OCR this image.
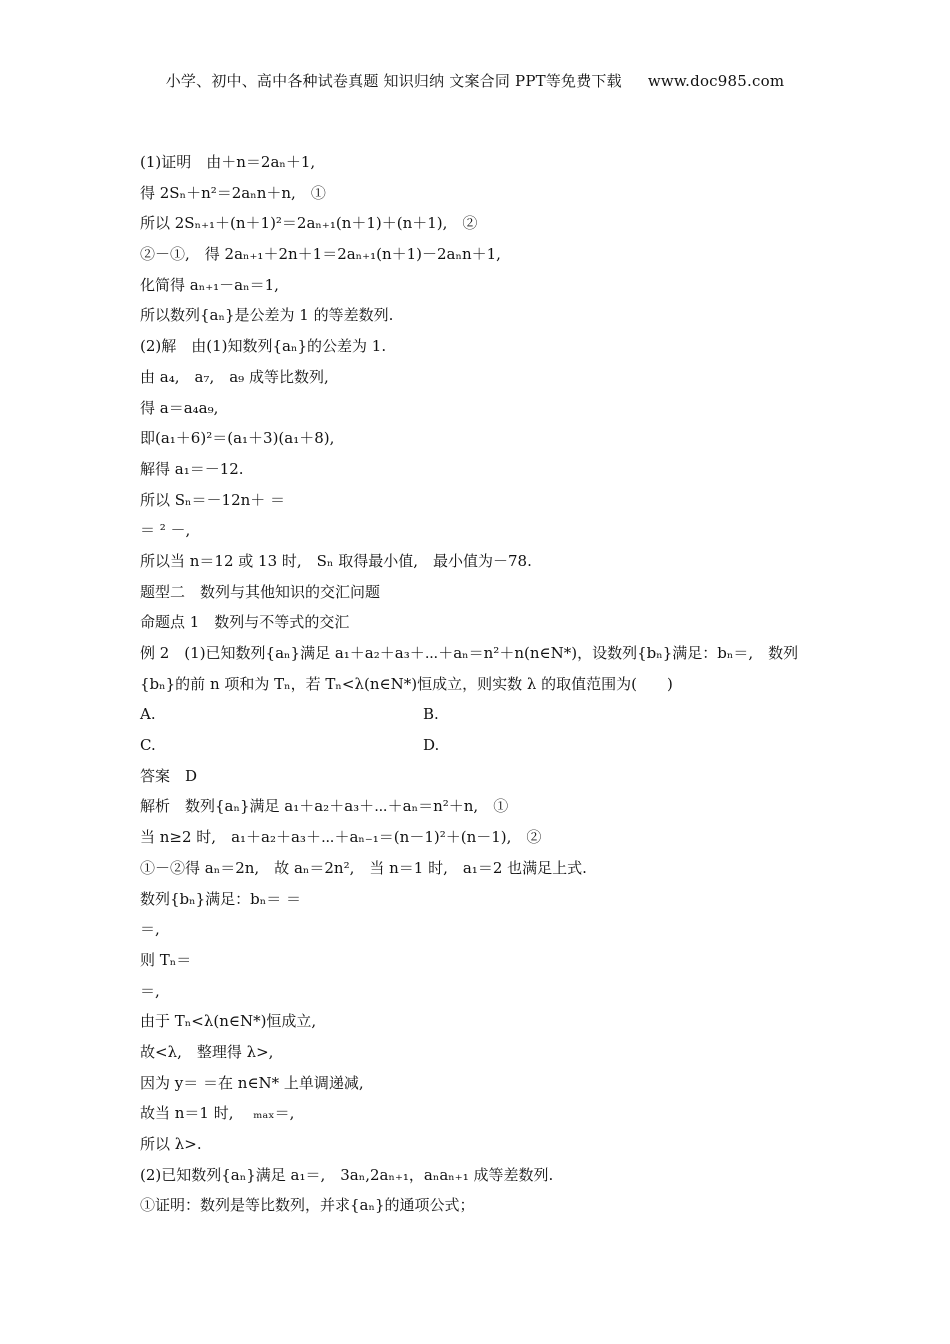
小学、初中、高中各种试卷真题 知识归纳 文案合同 PPT等免费下载 www.doc985.com
(1)证明　由＋n＝2aₙ＋1,
得 2Sₙ＋n²＝2aₙn＋n,　①
所以 2Sₙ₊₁＋(n＋1)²＝2aₙ₊₁(n＋1)＋(n＋1),　②
②－①,　得 2aₙ₊₁＋2n＋1＝2aₙ₊₁(n＋1)－2aₙn＋1,
化简得 aₙ₊₁－aₙ＝1,
所以数列{aₙ}是公差为 1 的等差数列.
(2)解　由(1)知数列{aₙ}的公差为 1.
由 a₄,　a₇,　a₉ 成等比数列,
得 a＝a₄a₉,
即(a₁＋6)²＝(a₁＋3)(a₁＋8),
解得 a₁＝－12.
所以 Sₙ＝－12n＋ ＝
＝ ² －,
所以当 n＝12 或 13 时,　Sₙ 取得最小值,　最小值为－78.
题型二　数列与其他知识的交汇问题
命题点 1　数列与不等式的交汇
例 2　(1)已知数列{aₙ}满足 a₁＋a₂＋a₃＋⋯＋aₙ＝n²＋n(n∈N*)，设数列{bₙ}满足：bₙ＝,　数列
{bₙ}的前 n 项和为 Tₙ，若 Tₙ<λ(n∈N*)恒成立，则实数 λ 的取值范围为(　　)
A.	B.
C.	D.
答案　D
解析　数列{aₙ}满足 a₁＋a₂＋a₃＋⋯＋aₙ＝n²＋n,　①
当 n≥2 时,　a₁＋a₂＋a₃＋⋯＋aₙ₋₁＝(n－1)²＋(n－1),　②
①－②得 aₙ＝2n,　故 aₙ＝2n²,　当 n＝1 时,　a₁＝2 也满足上式.
数列{bₙ}满足：bₙ＝ ＝
＝,
则 Tₙ＝
＝,
由于 Tₙ<λ(n∈N*)恒成立,
故<λ,　整理得 λ>,
因为 y＝ ＝在 n∈N* 上单调递减,
故当 n＝1 时,　 ₘₐₓ＝,
所以 λ>.
(2)已知数列{aₙ}满足 a₁＝,　3aₙ,2aₙ₊₁，aₙaₙ₊₁ 成等差数列.
①证明：数列是等比数列，并求{aₙ}的通项公式；
